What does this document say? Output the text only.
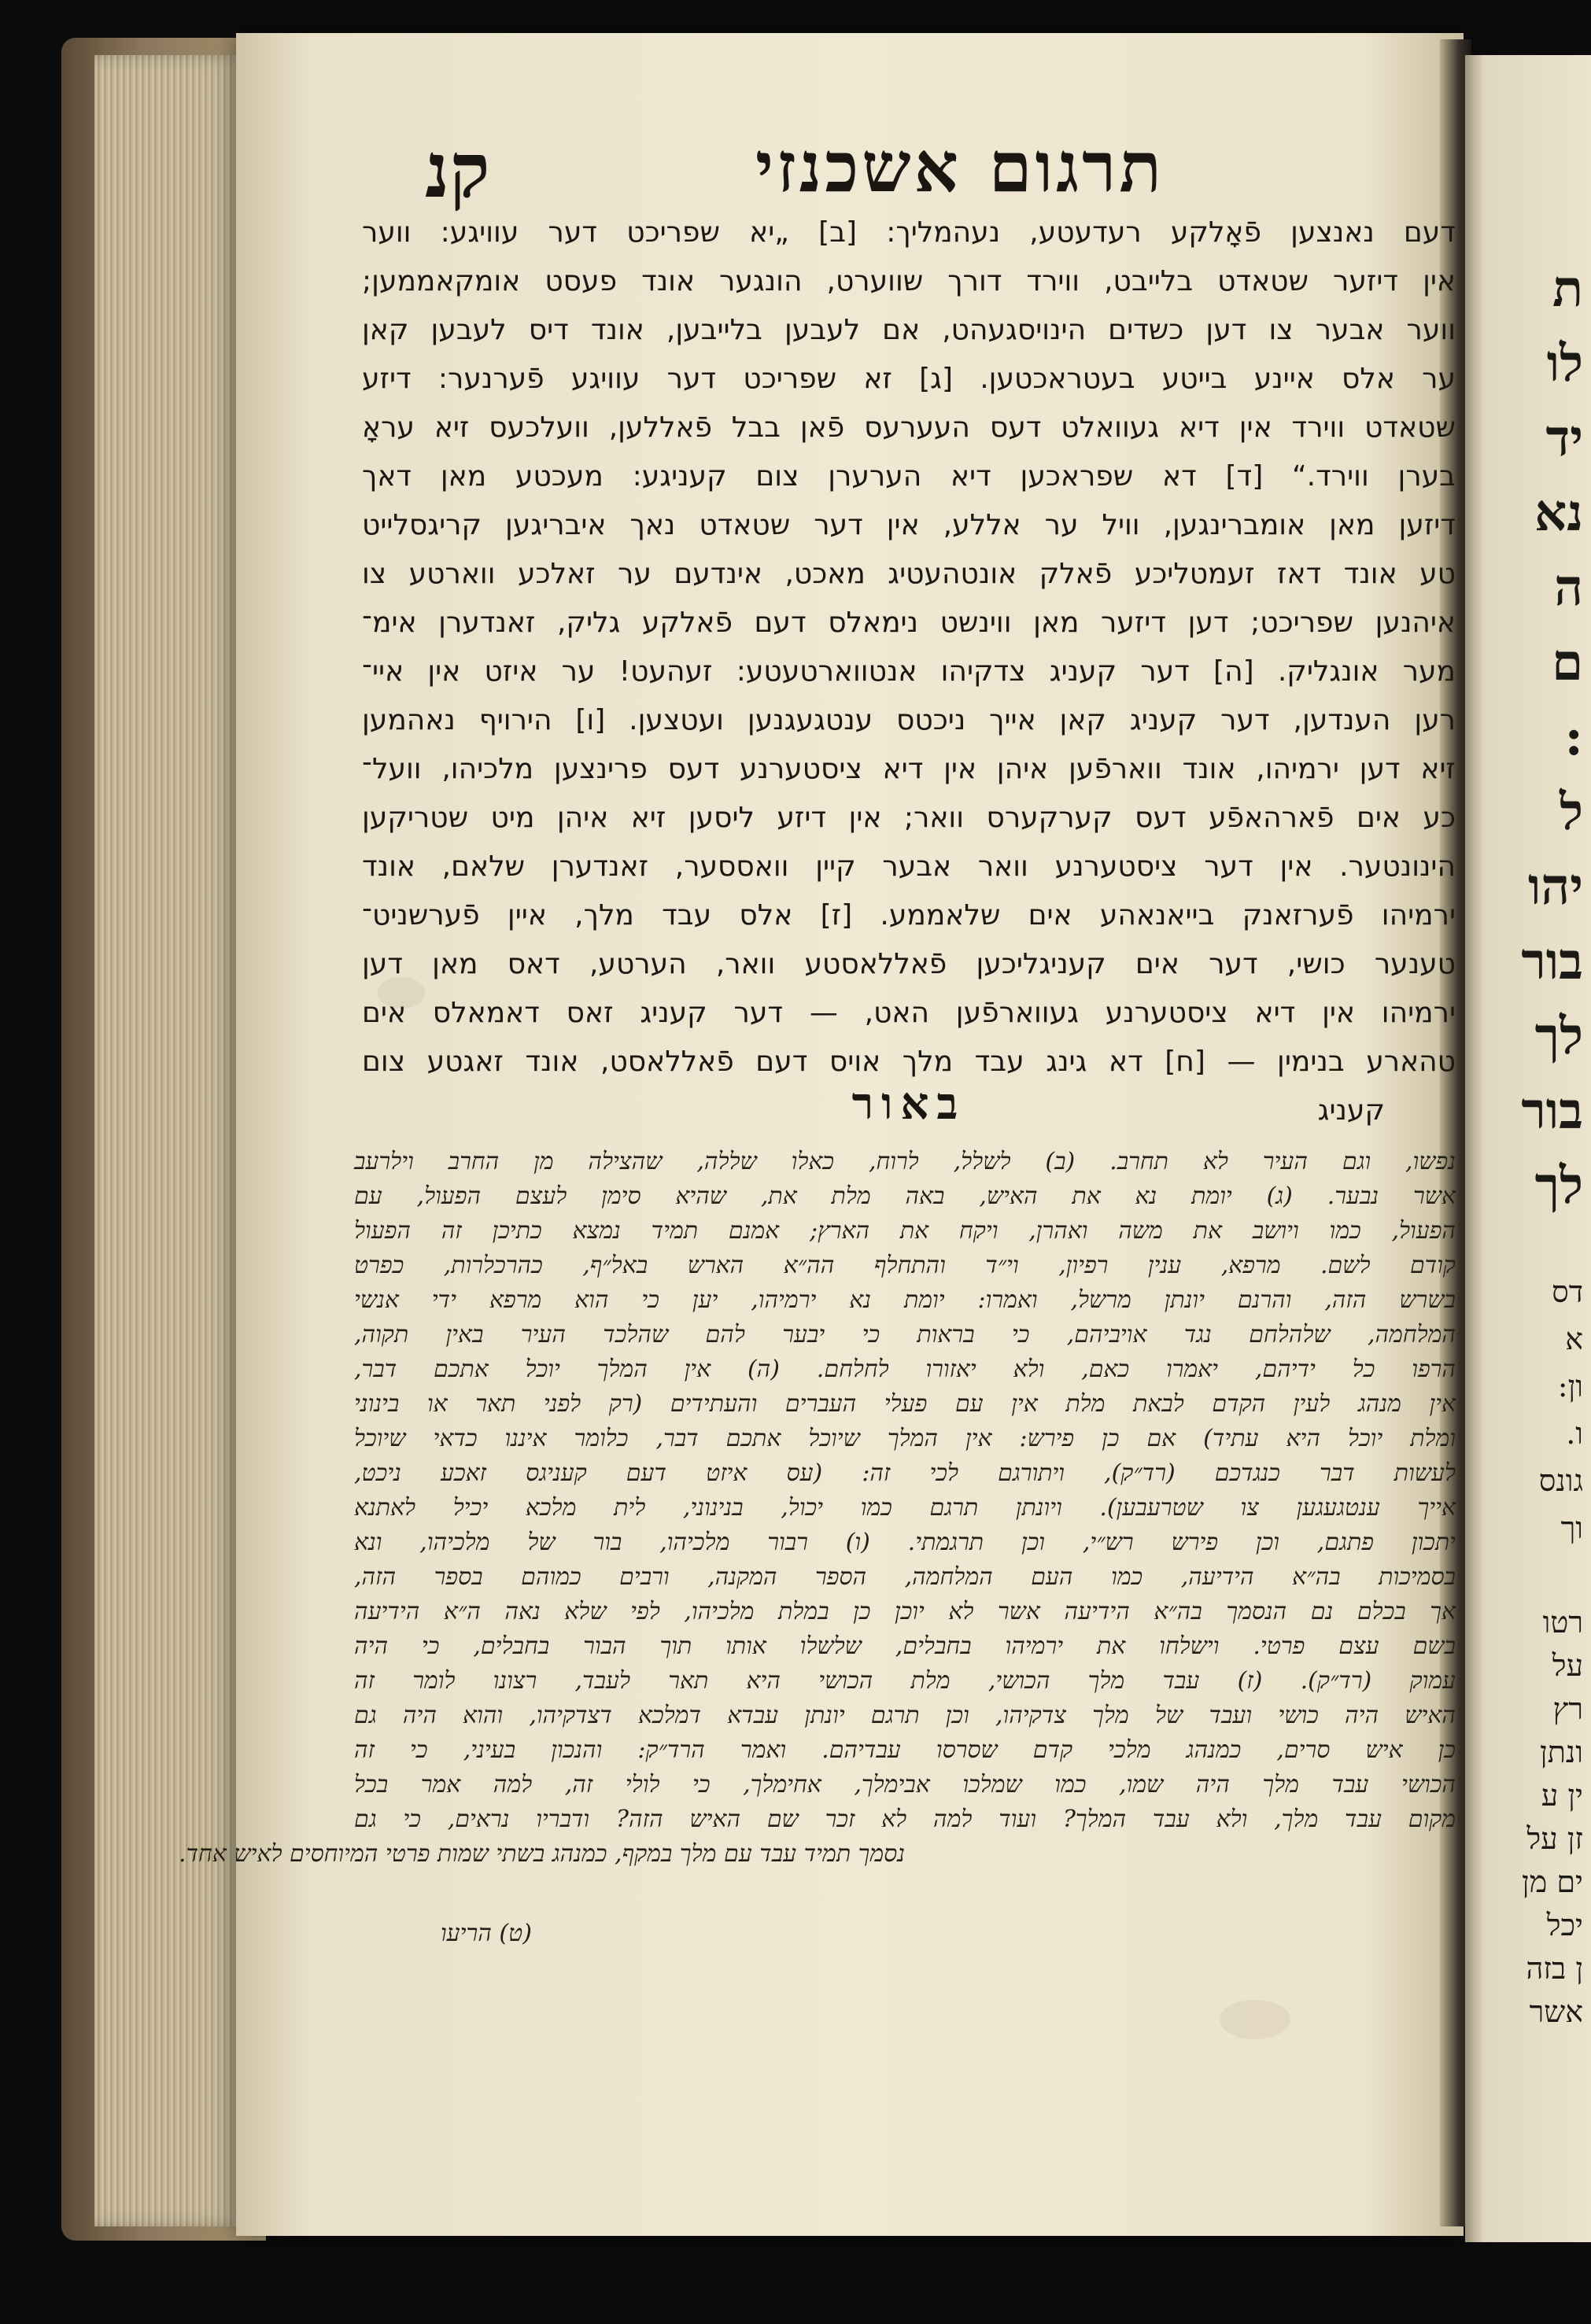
ת
לו
יד
נא
ה
ם
:
ל
יהו
בור
לך
בור
לך
דס
א
ון:
ו.
גונס
וך
רטו
על
רץ
ונתן
ין ע
זן על
ים מן
יכל
ן בזה
אשר
קנ	תרגום אשכנזי
דעם נאנצען פֿאָלקע רעדעטע, נעהמליך: [ב] „יא שפריכט דער עוויגע: ווער
אין דיזער שטאדט בלייבט, ווירד דורך שווערט, הונגער אונד פעסט אומקאממען;
ווער אבער צו דען כשדים הינויסגעהט, אם לעבען בלייבען, אונד דיס לעבען קאן
ער אלס איינע בייטע בעטראכטען. [ג] זא שפריכט דער עוויגע פֿערנער: דיזע
שטאדט ווירד אין דיא געוואלט דעס העערעס פֿאן בבל פֿאללען, וועלכעס זיא עראָ
בערן ווירד.“ [ד] דא שפראכען דיא הערערן צום קעניגע: מעכטע מאן דאך
דיזען מאן אומברינגען, וויל ער אללע, אין דער שטאדט נאך איבריגען קריגסלייט
טע אונד דאז זעמטליכע פֿאלק אונטהעטיג מאכט, אינדעם ער זאלכע ווארטע צו
איהנען שפריכט; דען דיזער מאן ווינשט נימאלס דעם פֿאלקע גליק, זאנדערן אימ־
מער אונגליק. [ה] דער קעניג צדקיהו אנטווארטעטע: זעהעט! ער איזט אין איי־
רען הענדען, דער קעניג קאן אייך ניכטס ענטגעגנען ועטצען. [ו] הירויף נאהמען
זיא דען ירמיהו, אונד ווארפֿען איהן אין דיא ציסטערנע דעס פרינצען מלכיהו, וועל־
כע אים פֿארהאפֿע דעס קערקערס וואר; אין דיזע ליסען זיא איהן מיט שטריקען
הינונטער. אין דער ציסטערנע וואר אבער קיין וואססער, זאנדערן שלאם, אונד
ירמיהו פֿערזאנק בייאנאהע אים שלאממע. [ז] אלס עבד מלך, איין פֿערשניט־
טענער כושי, דער אים קעניגליכען פֿאללאסטע וואר, הערטע, דאס מאן דען
ירמיהו אין דיא ציסטערנע געווארפֿען האט, — דער קעניג זאס דאמאלס אים
טהארע בנימין — [ח] דא גינג עבד מלך אויס דעם פֿאללאסט, אונד זאגטע צום
קעניג
באור
נפשו, וגם העיר לא תחרב. (ב) לשלל, לרוח, כאלו שללה, שהצילה מן החרב וילרעב
אשר נבער. (ג) יומת נא את האיש, באה מלת את, שהיא סימן לעצם הפעול, עם
הפעול, כמו ויושב את משה ואהרן, ויקח את הארץ; אמנם תמיד נמצא כתיכן זה הפעול
קודם לשם. מרפא, ענין רפיון, וי״ד והתחלף הה״א הארש באל״ף, כהרכלרות, כפרט
בשרש הזה, והרנם יונתן מרשל, ואמרו: יומת נא ירמיהו, יען כי הוא מרפא ידי אנשי
המלחמה, שלהלחם נגד אויביהם, כי בראות כי יבער להם שהלכד העיר באין תקוה,
הרפו כל ידיהם, יאמרו כאם, ולא יאזורו לחלחם. (ה) אין המלך יוכל אתכם דבר,
אין מנהג לעין הקדם לבאת מלת אין עם פעלי העברים והעתידים (רק לפני תאר או בינוני
ומלת יוכל היא עתיד) אם כן פירש: אין המלך שיוכל אתכם דבר, כלומר איננו כדאי שיוכל
לעשות דבר כנגדכם (רד״ק), ויתורגם לכי זה: (עס איזט דעם קעניגס זאכע ניכט,
אייך ענטגעגען צו שטרעבען). ויונתן תרגם כמו יכול, בנינוני, לית מלכא יכיל לאתנא
יתכון פתגם, וכן פירש רש״י, וכן תרגמתי. (ו) רבור מלכיהו, בור של מלכיהו, ונא
בסמיכות בה״א הידיעה, כמו העם המלחמה, הספר המקנה, ורבים כמוהם בספר הזה,
אך בכלם נם הנסמך בה״א הידיעה אשר לא יוכן כן במלת מלכיהו, לפי שלא נאה ה״א הידיעה
בשם עצם פרטי. וישלחו את ירמיהו בחבלים, שלשלו אותו תוך הבור בחבלים, כי היה
עמוק (רד״ק). (ז) עבד מלך הכושי, מלת הכושי היא תאר לעבד, רצונו לומר זה
האיש היה כושי ועבד של מלך צדקיהו, וכן תרגם יונתן עבדא דמלכא דצדקיהו, והוא היה גם
כן איש סרים, כמנהג מלכי קדם שסרסו עבדיהם. ואמר הרד״ק: והנכון בעיני, כי זה
הכושי עבד מלך היה שמו, כמו שמלכו אבימלך, אחימלך, כי לולי זה, למה אמר בכל
מקום עבד מלך, ולא עבד המלך? ועוד למה לא זכר שם האיש הזה? ודבריו נראים, כי גם
נסמך תמיד עבד עם מלך במקף, כמנהג בשתי שמות פרטי המיוחסים לאיש אחד.
(ט) הריעו
